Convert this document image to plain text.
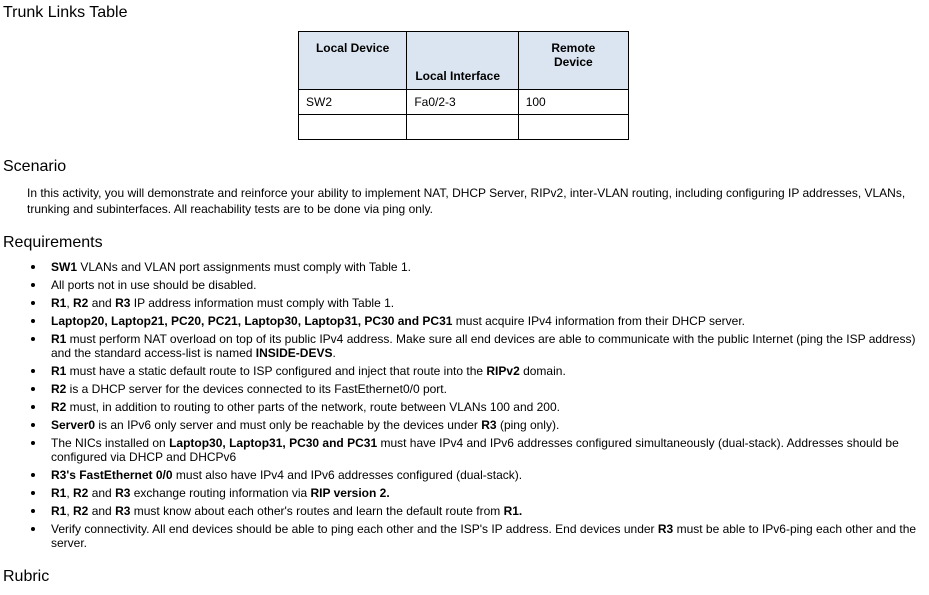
Trunk Links Table
Local Device	Local Interface	Remote
Device

SW2	Fa0/2-3	100

Scenario

In this activity, you will demonstrate and reinforce your ability to implement NAT, DHCP Server, RIPv2, inter-VLAN routing, including configuring IP addresses, VLANs, trunking and subinterfaces. All reachability tests are to be done via ping only.

Requirements
SW1 VLANs and VLAN port assignments must comply with Table 1.
All ports not in use should be disabled.
R1, R2 and R3 IP address information must comply with Table 1.
Laptop20, Laptop21, PC20, PC21, Laptop30, Laptop31, PC30 and PC31 must acquire IPv4 information from their DHCP server.
R1 must perform NAT overload on top of its public IPv4 address. Make sure all end devices are able to communicate with the public Internet (ping the ISP address) and the standard access-list is named INSIDE-DEVS.
R1 must have a static default route to ISP configured and inject that route into the RIPv2 domain.
R2 is a DHCP server for the devices connected to its FastEthernet0/0 port.
R2 must, in addition to routing to other parts of the network, route between VLANs 100 and 200.
Server0 is an IPv6 only server and must only be reachable by the devices under R3 (ping only).
The NICs installed on Laptop30, Laptop31, PC30 and PC31 must have IPv4 and IPv6 addresses configured simultaneously (dual-stack). Addresses should be configured via DHCP and DHCPv6
R3's FastEthernet 0/0 must also have IPv4 and IPv6 addresses configured (dual-stack).
R1, R2 and R3 exchange routing information via RIP version 2.
R1, R2 and R3 must know about each other's routes and learn the default route from R1.
Verify connectivity. All end devices should be able to ping each other and the ISP's IP address. End devices under R3 must be able to IPv6-ping each other and the server.
Rubric
